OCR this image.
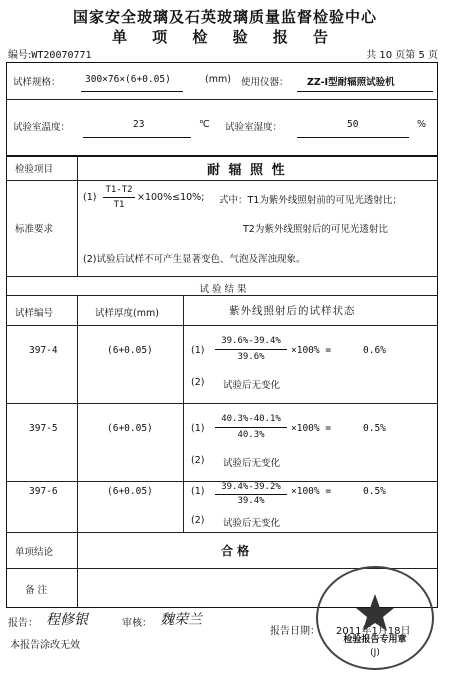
国家安全玻璃及石英玻璃质量监督检验中心
单 项 检 验 报 告
编号:WT20070771	共 10 页第 5 页
试样规格：	300×76×(6+0.05)	(mm) 使用仪器： ZZ-I型耐辐照试验机
试验室温度：	23	℃ 试验室湿度：	50	%
检验项目	耐 辐 照 性
标准要求
(1)
T1-T2
T1
×100%≤10%; 式中：T1为紫外线照射前的可见光透射比；
T2为紫外线照射后的可见光透射比
(2)试验后试样不可产生显著变色、气泡及浑浊现象。
试 验 结 果
试样编号	试样厚度(mm)	紫外线照射后的试样状态
397-4	(6+0.05)	(1)
39.6%-39.4%
39.6%
×100% =	0.6%
(2) 试验后无变化
397-5	(6+0.05)	(1)
40.3%-40.1%
40.3%
×100% =	0.5%
(2) 试验后无变化
397-6	(6+0.05)	(1)	39.4%-39.2%
39.4%
×100% =	0.5%
(2) 试验后无变化
单项结论	合 格
备 注
报告： 程修银	审核： 魏荣兰
报告日期： 2011年1月18日
本报告涂改无效	检验报告专用章
(J)
